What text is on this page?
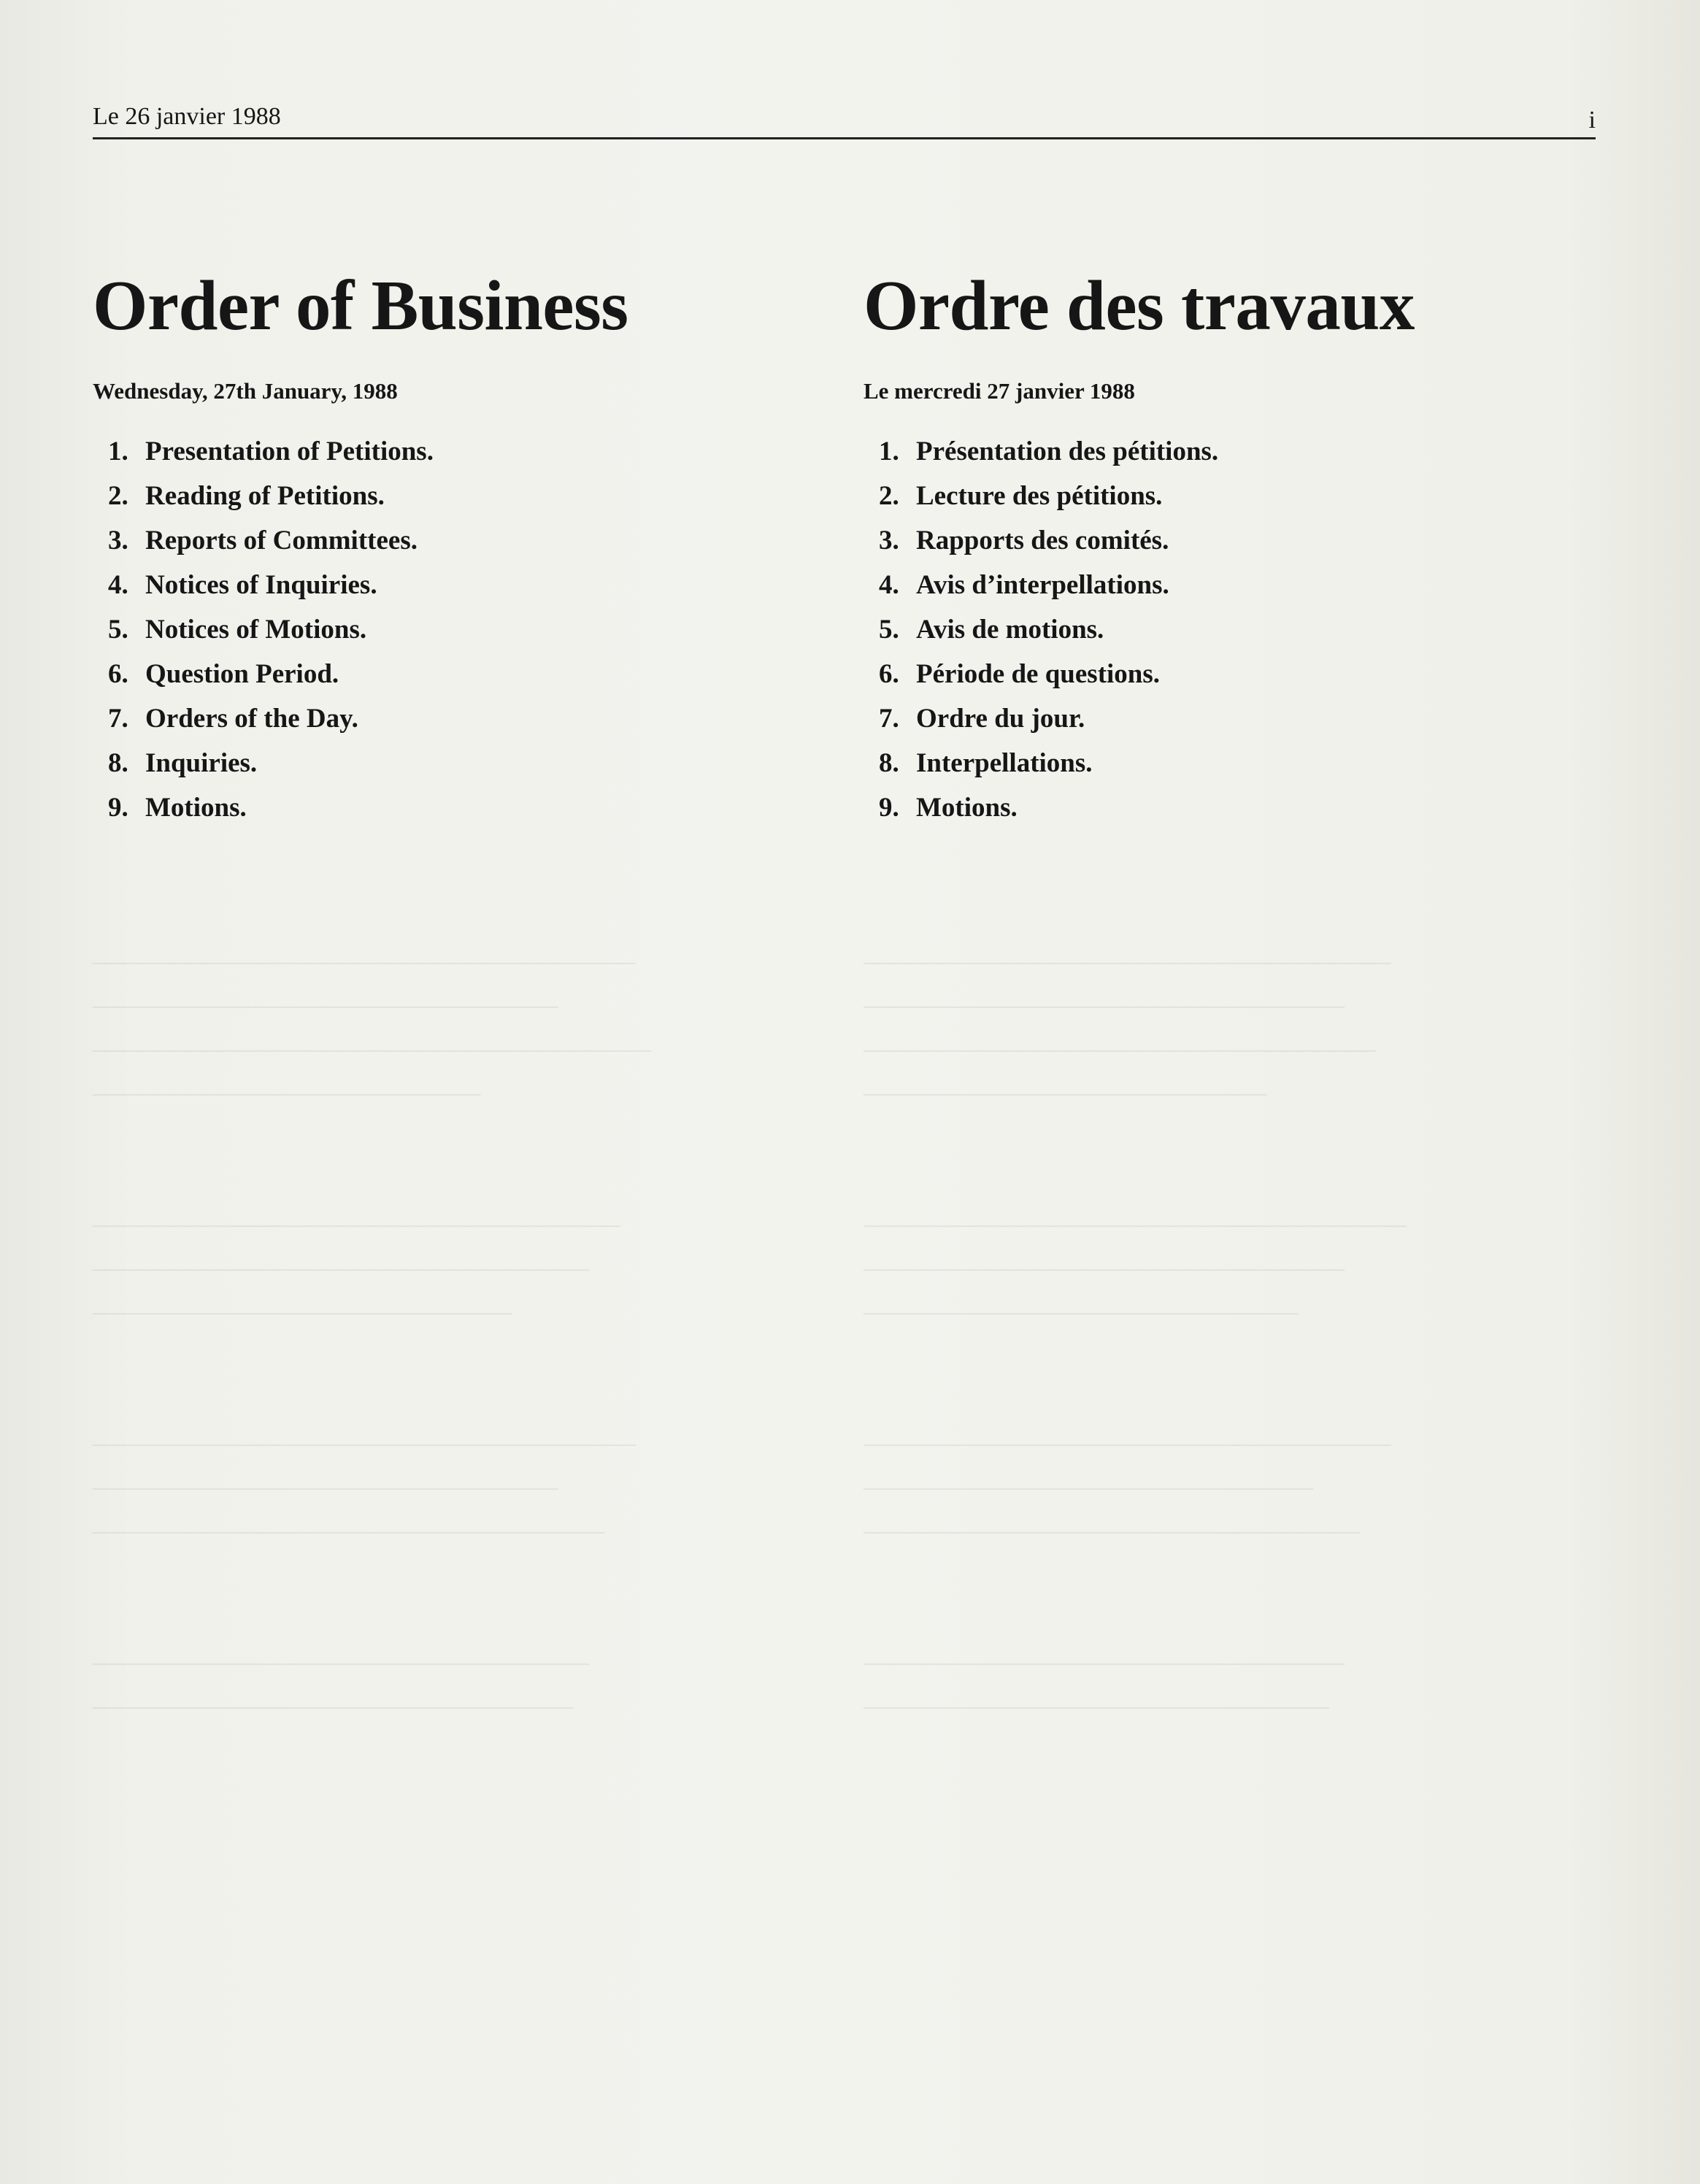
───────────────────────────────────
──────────────────────────────
────────────────────────────────────
─────────────────────────
──────────────────────────────────
────────────────────────────────
───────────────────────────
───────────────────────────────────
──────────────────────────────
─────────────────────────────────
────────────────────────────────
───────────────────────────────
──────────────────────────────────
───────────────────────────────
─────────────────────────────────
──────────────────────────
───────────────────────────────────
───────────────────────────────
────────────────────────────
──────────────────────────────────
─────────────────────────────
────────────────────────────────
───────────────────────────────
──────────────────────────────
Le 26 janvier 1988	i
Order of Business
Wednesday, 27th January, 1988
1. Presentation of Petitions.
2. Reading of Petitions.
3. Reports of Committees.
4. Notices of Inquiries.
5. Notices of Motions.
6. Question Period.
7. Orders of the Day.
8. Inquiries.
9. Motions.
Ordre des travaux
Le mercredi 27 janvier 1988
1. Présentation des pétitions.
2. Lecture des pétitions.
3. Rapports des comités.
4. Avis d’interpellations.
5. Avis de motions.
6. Période de questions.
7. Ordre du jour.
8. Interpellations.
9. Motions.
